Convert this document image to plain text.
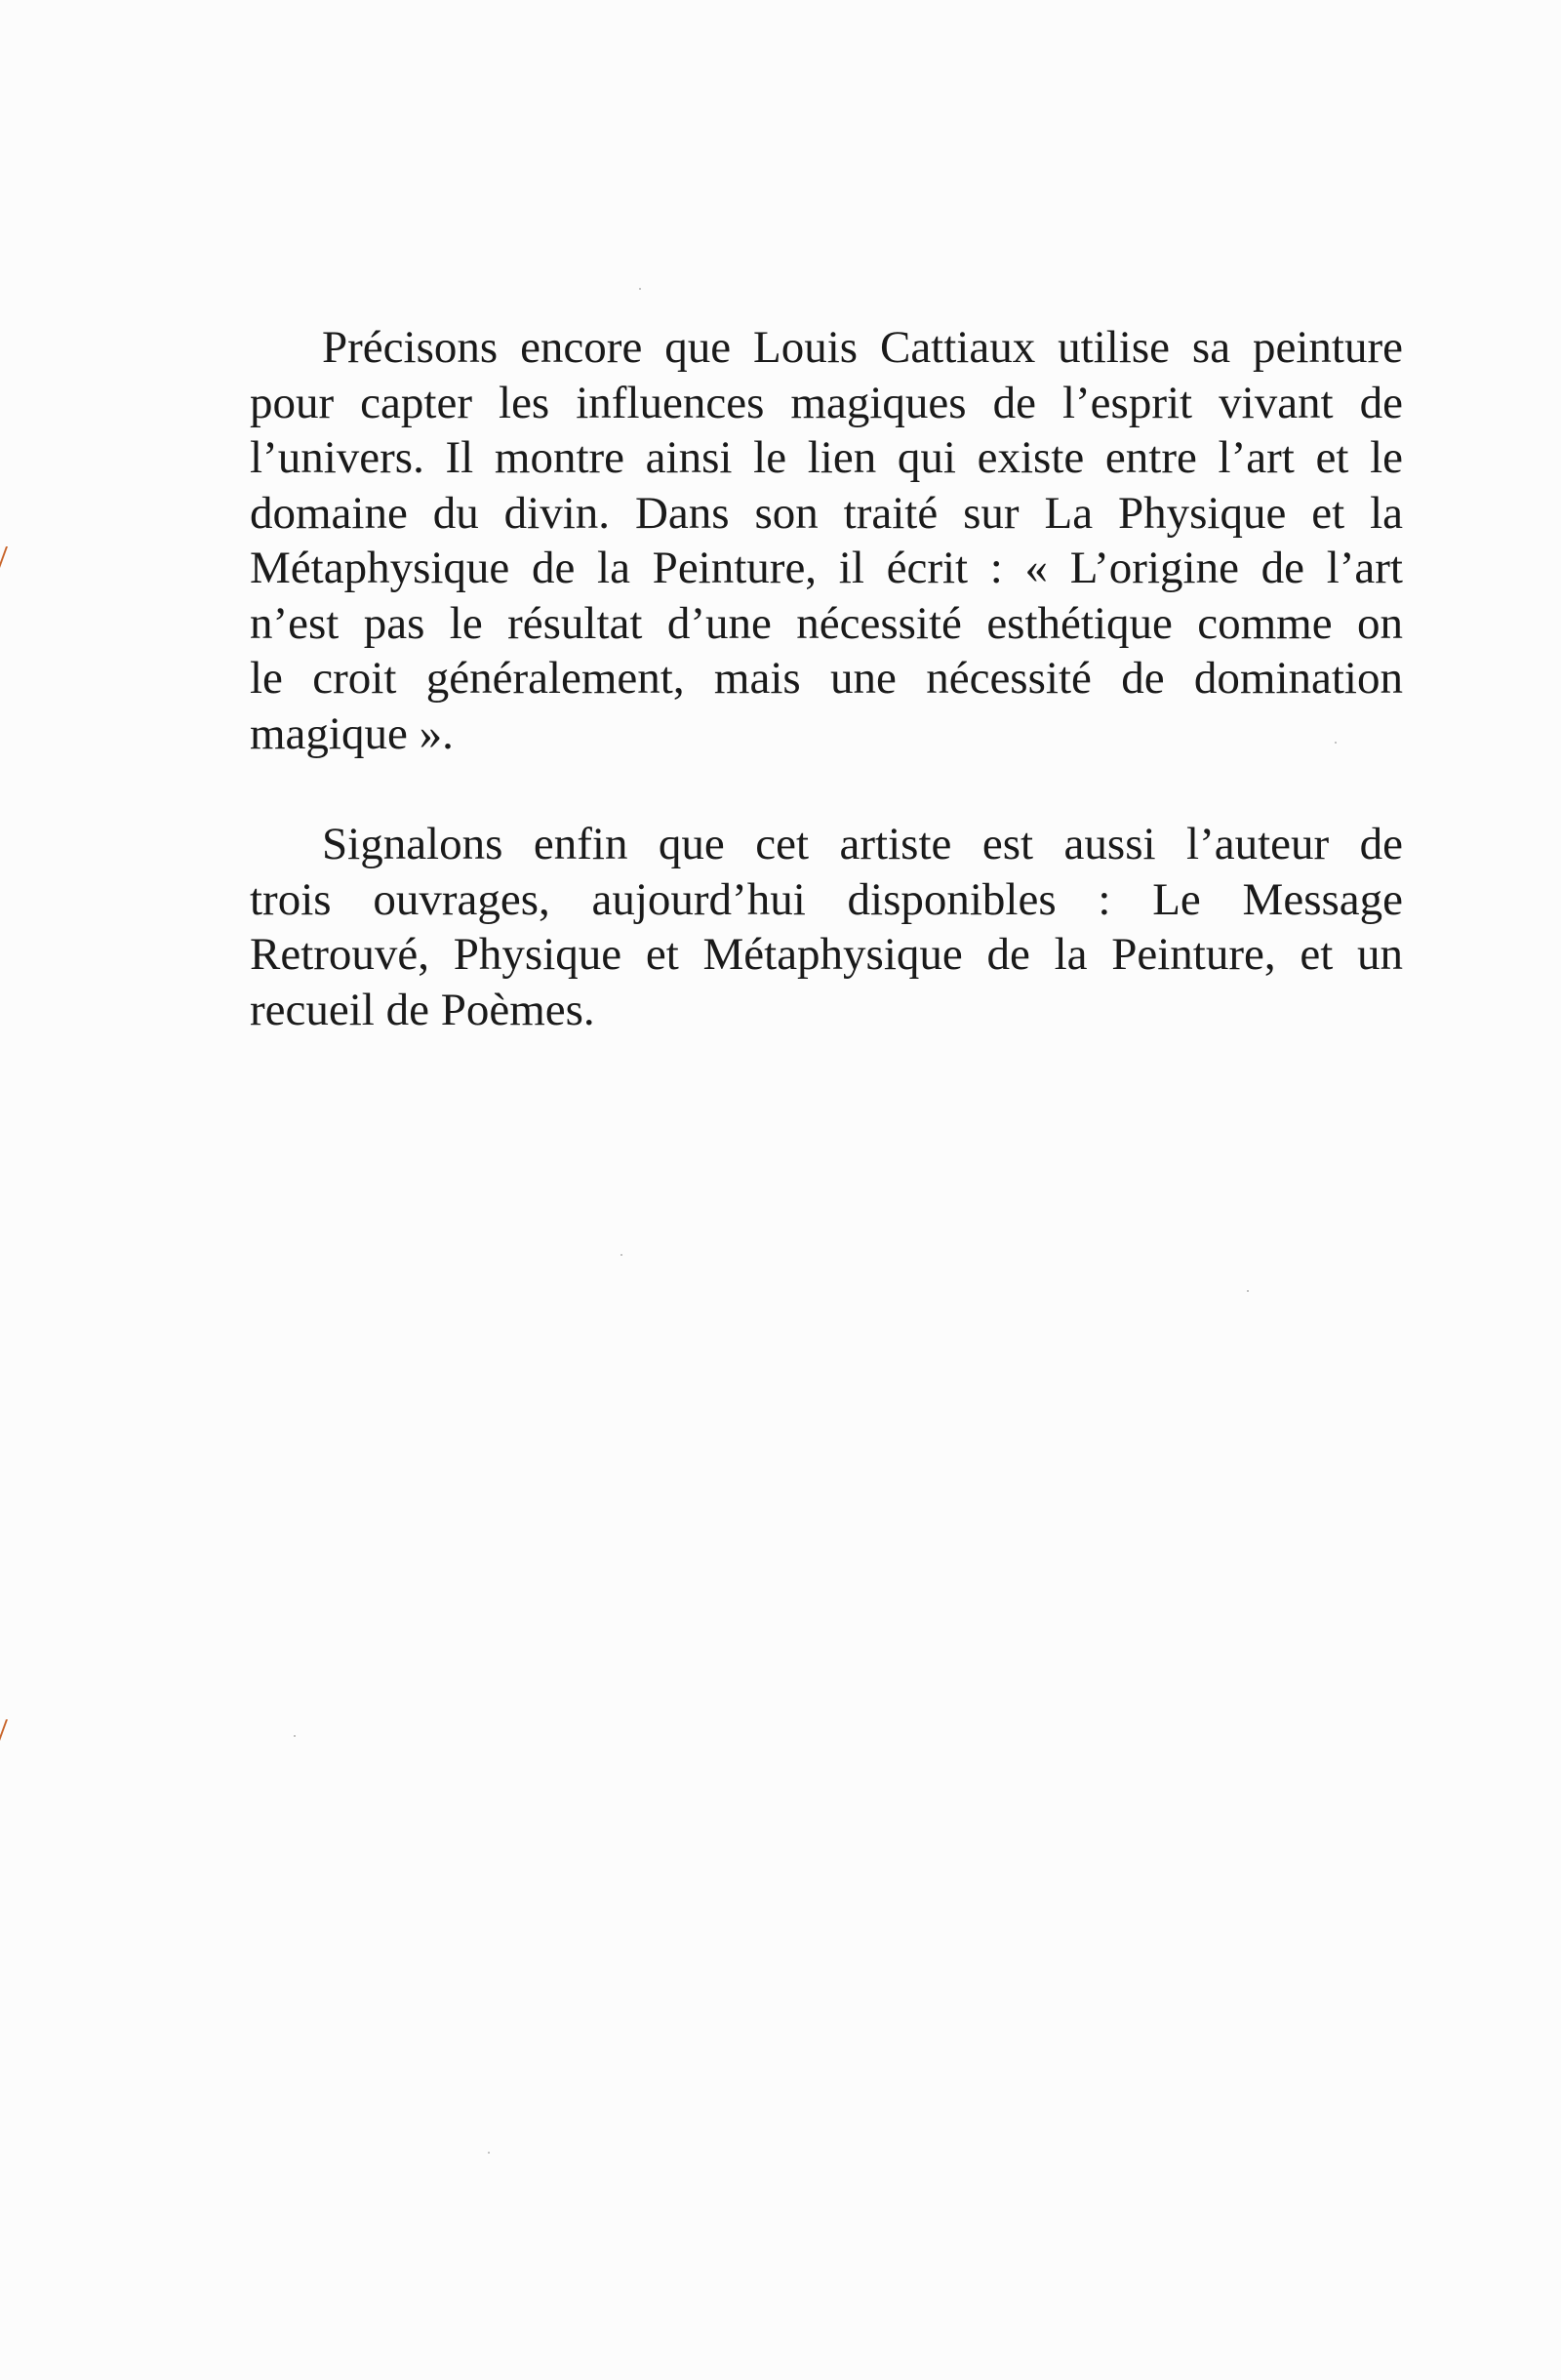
Précisons encore que Louis Cattiaux utilise sa peinture
pour capter les influences magiques de l’esprit vivant de
l’univers. Il montre ainsi le lien qui existe entre l’art et le
domaine du divin. Dans son traité sur La Physique et la
Métaphysique de la Peinture, il écrit : « L’origine de l’art
n’est pas le résultat d’une nécessité esthétique comme on
le croit généralement, mais une nécessité de domination
magique ».
Signalons enfin que cet artiste est aussi l’auteur de
trois ouvrages, aujourd’hui disponibles : Le Message
Retrouvé, Physique et Métaphysique de la Peinture, et un
recueil de Poèmes.
